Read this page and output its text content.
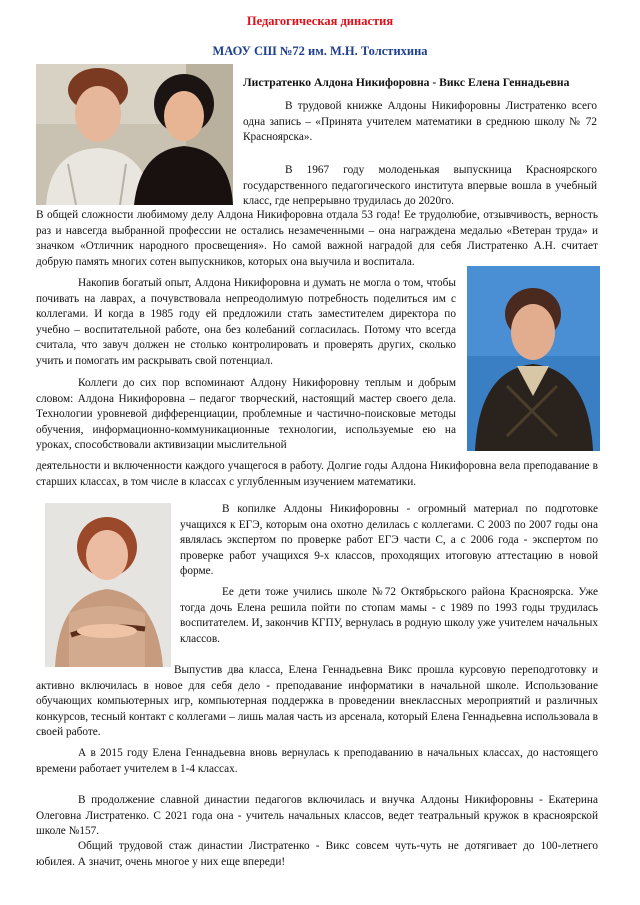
Педагогическая династия
МАОУ СШ №72 им. М.Н. Толстихина
Листратенко Алдона Никифоровна - Викс Елена Геннадьевна

В трудовой книжке Алдоны Никифоровны Листратенко всего одна запись – «Принята учителем математики в среднюю школу № 72 Красноярска».

В 1967 году молоденькая выпускница Красноярского государственного педагогического института впервые вошла в учебный класс, где непрерывно трудилась до 2020го.

В общей сложности любимому делу Алдона Никифоровна отдала 53 года! Ее трудолюбие, отзывчивость, верность раз и навсегда выбранной профессии не остались незамеченными – она награждена медалью «Ветеран труда» и значком «Отличник народного просвещения». Но самой важной наградой для себя Листратенко А.Н. считает добрую память многих сотен выпускников, которых она выучила и воспитала.

Накопив богатый опыт, Алдона Никифоровна и думать не могла о том, чтобы почивать на лаврах, а почувствовала непреодолимую потребность поделиться им с коллегами. И когда в 1985 году ей предложили стать заместителем директора по учебно – воспитательной работе, она без колебаний согласилась. Потому что всегда считала, что завуч должен не столько контролировать и проверять других, сколько учить и помогать им раскрывать свой потенциал.

Коллеги до сих пор вспоминают Алдону Никифоровну теплым и добрым словом: Алдона Никифоровна – педагог творческий, настоящий мастер своего дела. Технологии уровневой дифференциации, проблемные и частично-поисковые методы обучения, информационно-коммуникационные технологии, используемые ею на уроках, способствовали активизации мыслительной

деятельности и включенности каждого учащегося в работу. Долгие годы Алдона Никифоровна вела преподавание в старших классах, в том числе в классах с углубленным изучением математики.

В копилке Алдоны Никифоровны - огромный материал по подготовке учащихся к ЕГЭ, которым она охотно делилась с коллегами. С 2003 по 2007 годы она являлась экспертом по проверке работ ЕГЭ части С, а с 2006 года - экспертом по проверке работ учащихся 9-х классов, проходящих итоговую аттестацию в новой форме.

Ее дети тоже учились школе №72 Октябрьского района Красноярска. Уже тогда дочь Елена решила пойти по стопам мамы - с 1989 по 1993 годы трудилась воспитателем. И, закончив КГПУ, вернулась в родную школу уже учителем начальных классов.

Выпустив два класса, Елена Геннадьевна Викс прошла курсовую переподготовку и активно включилась в новое для себя дело - преподавание информатики в начальной школе. Использование обучающих компьютерных игр, компьютерная поддержка в проведении внеклассных мероприятий и различных конкурсов, тесный контакт с коллегами – лишь малая часть из арсенала, который Елена Геннадьевна использовала в своей работе.

А в 2015 году Елена Геннадьевна вновь вернулась к преподаванию в начальных классах, до настоящего времени работает учителем в 1-4 классах.

В продолжение славной династии педагогов включилась и внучка Алдоны Никифоровны - Екатерина Олеговна Листратенко. С 2021 года она - учитель начальных классов, ведет театральный кружок в красноярской школе №157.

Общий трудовой стаж династии Листратенко - Викс совсем чуть-чуть не дотягивает до 100-летнего юбилея. А значит, очень многое у них еще впереди!
